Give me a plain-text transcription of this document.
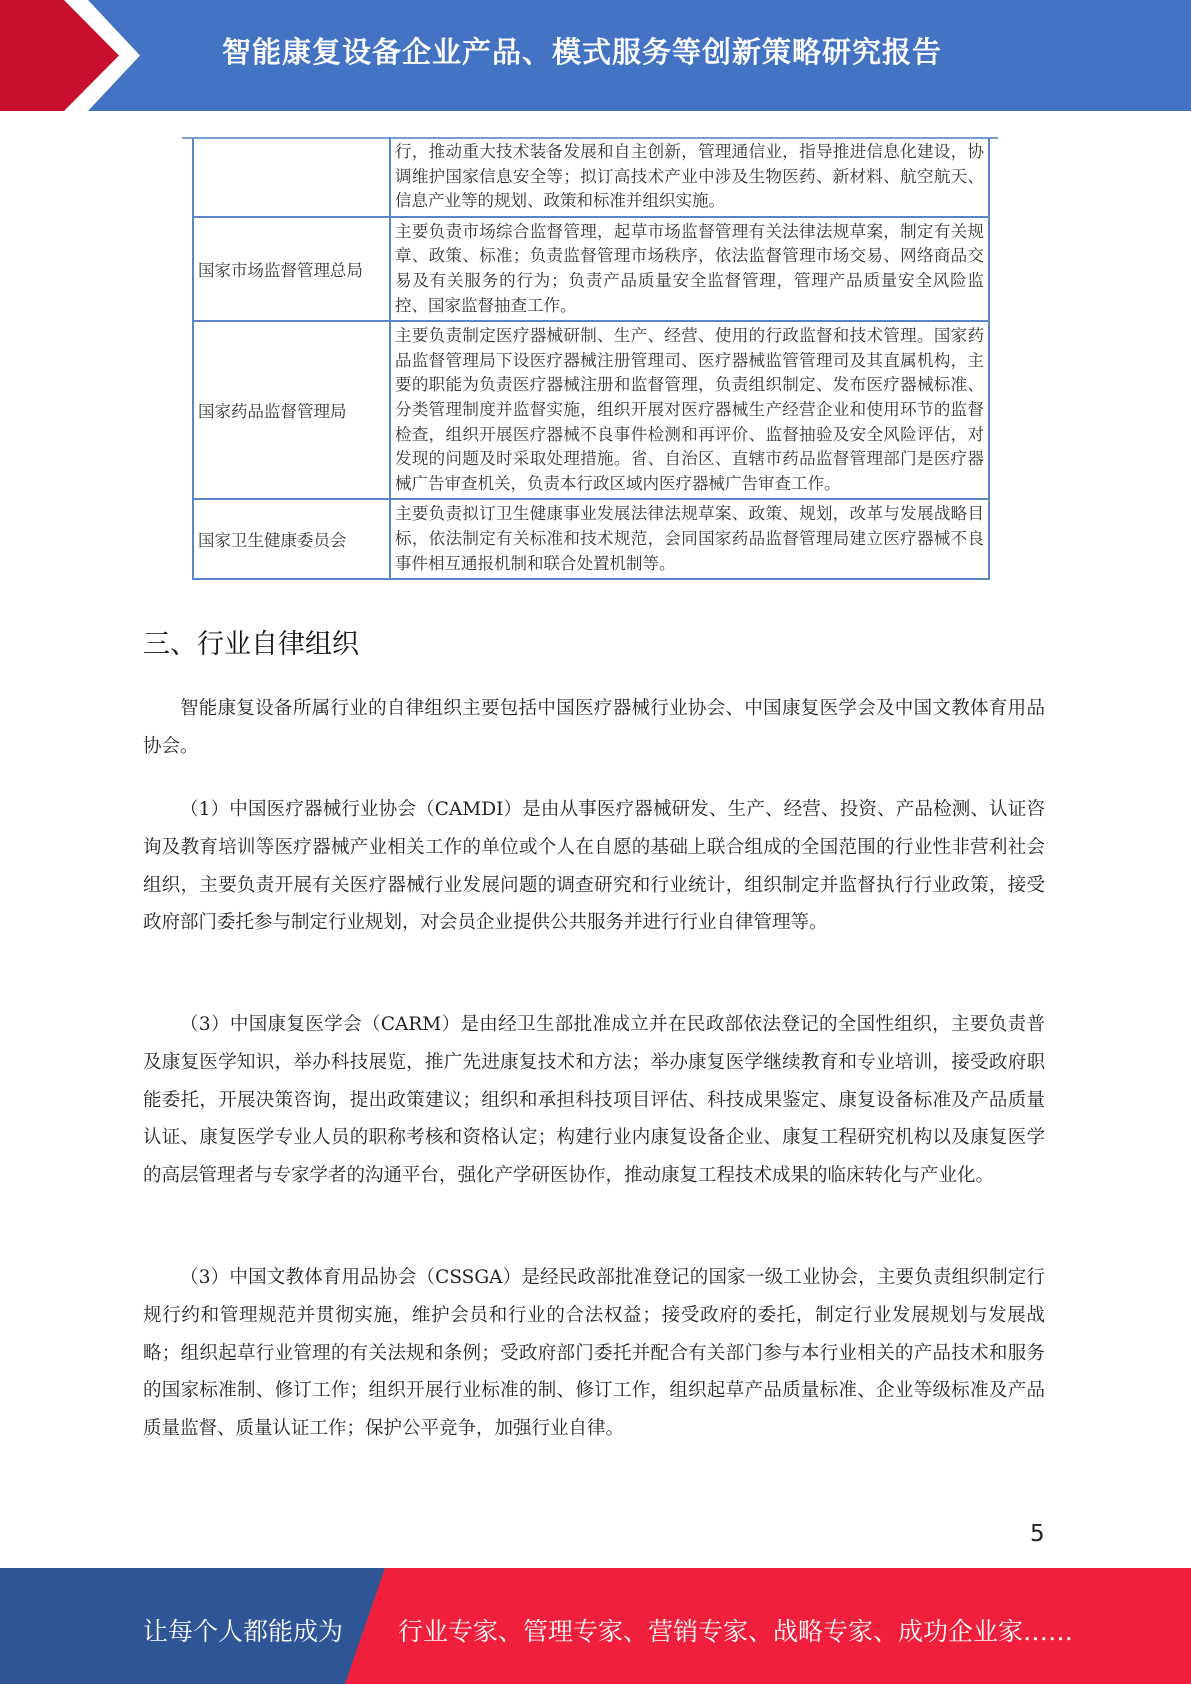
智能康复设备企业产品、模式服务等创新策略研究报告
	行，推动重大技术装备发展和自主创新，管理通信业，指导推进信息化建设，协调维护国家信息安全等；拟订高技术产业中涉及生物医药、新材料、航空航天、信息产业等的规划、政策和标准并组织实施。
国家市场监督管理总局	主要负责市场综合监督管理，起草市场监督管理有关法律法规草案，制定有关规章、政策、标准；负责监督管理市场秩序，依法监督管理市场交易、网络商品交易及有关服务的行为；负责产品质量安全监督管理，管理产品质量安全风险监控、国家监督抽查工作。
国家药品监督管理局	主要负责制定医疗器械研制、生产、经营、使用的行政监督和技术管理。国家药品监督管理局下设医疗器械注册管理司、医疗器械监管管理司及其直属机构，主要的职能为负责医疗器械注册和监督管理，负责组织制定、发布医疗器械标准、分类管理制度并监督实施，组织开展对医疗器械生产经营企业和使用环节的监督检查，组织开展医疗器械不良事件检测和再评价、监督抽验及安全风险评估，对发现的问题及时采取处理措施。省、自治区、直辖市药品监督管理部门是医疗器械广告审查机关，负责本行政区域内医疗器械广告审查工作。
国家卫生健康委员会	主要负责拟订卫生健康事业发展法律法规草案、政策、规划，改革与发展战略目标，依法制定有关标准和技术规范，会同国家药品监督管理局建立医疗器械不良事件相互通报机制和联合处置机制等。
三、行业自律组织

智能康复设备所属行业的自律组织主要包括中国医疗器械行业协会、中国康复医学会及中国文教体育用品协会。

（1）中国医疗器械行业协会（CAMDI）是由从事医疗器械研发、生产、经营、投资、产品检测、认证咨询及教育培训等医疗器械产业相关工作的单位或个人在自愿的基础上联合组成的全国范围的行业性非营利社会组织，主要负责开展有关医疗器械行业发展问题的调查研究和行业统计，组织制定并监督执行行业政策，接受政府部门委托参与制定行业规划，对会员企业提供公共服务并进行行业自律管理等。

（3）中国康复医学会（CARM）是由经卫生部批准成立并在民政部依法登记的全国性组织，主要负责普及康复医学知识，举办科技展览，推广先进康复技术和方法；举办康复医学继续教育和专业培训，接受政府职能委托，开展决策咨询，提出政策建议；组织和承担科技项目评估、科技成果鉴定、康复设备标准及产品质量认证、康复医学专业人员的职称考核和资格认定；构建行业内康复设备企业、康复工程研究机构以及康复医学的高层管理者与专家学者的沟通平台，强化产学研医协作，推动康复工程技术成果的临床转化与产业化。

（3）中国文教体育用品协会（CSSGA）是经民政部批准登记的国家一级工业协会，主要负责组织制定行规行约和管理规范并贯彻实施，维护会员和行业的合法权益；接受政府的委托，制定行业发展规划与发展战略；组织起草行业管理的有关法规和条例；受政府部门委托并配合有关部门参与本行业相关的产品技术和服务的国家标准制、修订工作；组织开展行业标准的制、修订工作，组织起草产品质量标准、企业等级标准及产品质量监督、质量认证工作；保护公平竞争，加强行业自律。

5
让每个人都能成为 行业专家、管理专家、营销专家、战略专家、成功企业家……
